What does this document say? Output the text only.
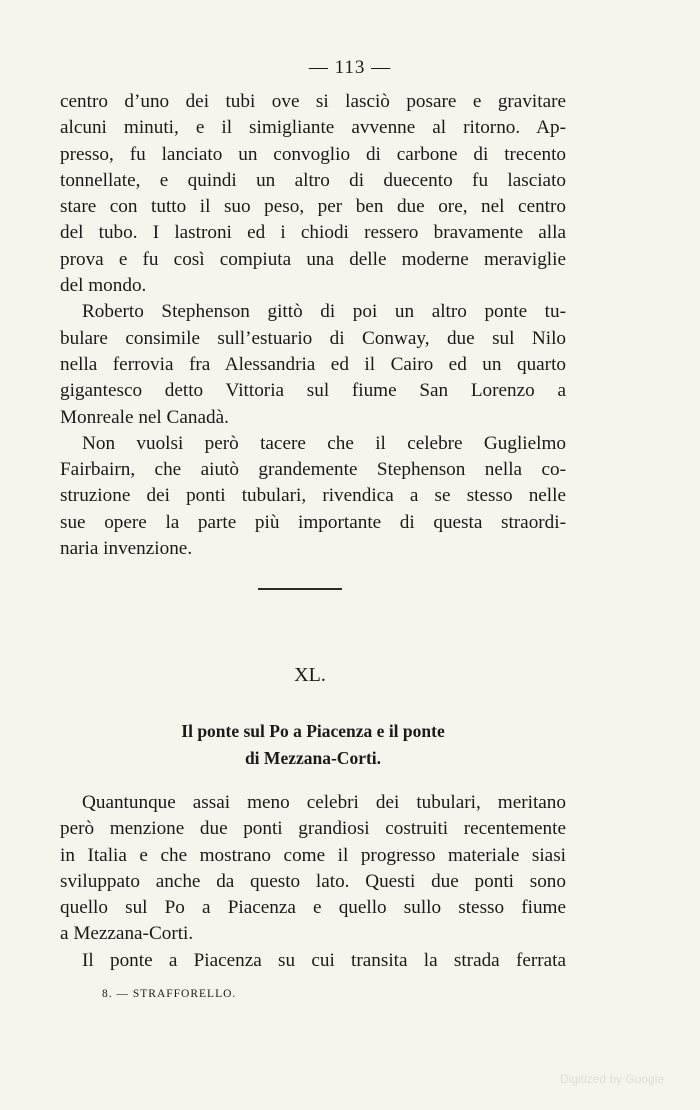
— 113 —

centro d’uno dei tubi ove si lasciò posare e gravitare
alcuni minuti, e il simigliante avvenne al ritorno. Ap-
presso, fu lanciato un convoglio di carbone di trecento
tonnellate, e quindi un altro di duecento fu lasciato
stare con tutto il suo peso, per ben due ore, nel centro
del tubo. I lastroni ed i chiodi ressero bravamente alla
prova e fu così compiuta una delle moderne meraviglie

del mondo.

Roberto Stephenson gittò di poi un altro ponte tu-
bulare consimile sull’estuario di Conway, due sul Nilo
nella ferrovia fra Alessandria ed il Cairo ed un quarto
gigantesco detto Vittoria sul fiume San Lorenzo a

Monreale nel Canadà.

Non vuolsi però tacere che il celebre Guglielmo
Fairbairn, che aiutò grandemente Stephenson nella co-
struzione dei ponti tubulari, rivendica a se stesso nelle
sue opere la parte più importante di questa straordi-

naria invenzione.

XL.
Il ponte sul Po a Piacenza e il ponte
di Mezzana-Corti.

Quantunque assai meno celebri dei tubulari, meritano
però menzione due ponti grandiosi costruiti recentemente
in Italia e che mostrano come il progresso materiale siasi
sviluppato anche da questo lato. Questi due ponti sono
quello sul Po a Piacenza e quello sullo stesso fiume

a Mezzana-Corti.

Il ponte a Piacenza su cui transita la strada ferrata

8. — STRAFFORELLO.
Digitized by Google
